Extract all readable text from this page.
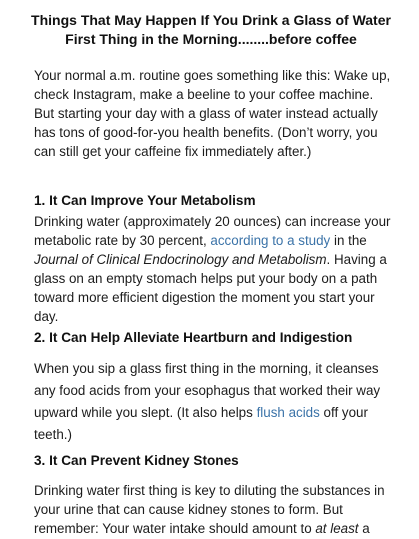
Things That May Happen If You Drink a Glass of Water First Thing in the Morning........before coffee

Your normal a.m. routine goes something like this: Wake up, check Instagram, make a beeline to your coffee machine. But starting your day with a glass of water instead actually has tons of good-for-you health benefits. (Don’t worry, you can still get your caffeine fix immediately after.)

1. It Can Improve Your Metabolism

Drinking water (approximately 20 ounces) can increase your metabolic rate by 30 percent, according to a study in the Journal of Clinical Endocrinology and Metabolism. Having a glass on an empty stomach helps put your body on a path toward more efficient digestion the moment you start your day.

2. It Can Help Alleviate Heartburn and Indigestion

When you sip a glass first thing in the morning, it cleanses any food acids from your esophagus that worked their way upward while you slept. (It also helps flush acids off your teeth.)

3. It Can Prevent Kidney Stones

Drinking water first thing is key to diluting the substances in your urine that can cause kidney stones to form. But remember: Your water intake should amount to at least a
